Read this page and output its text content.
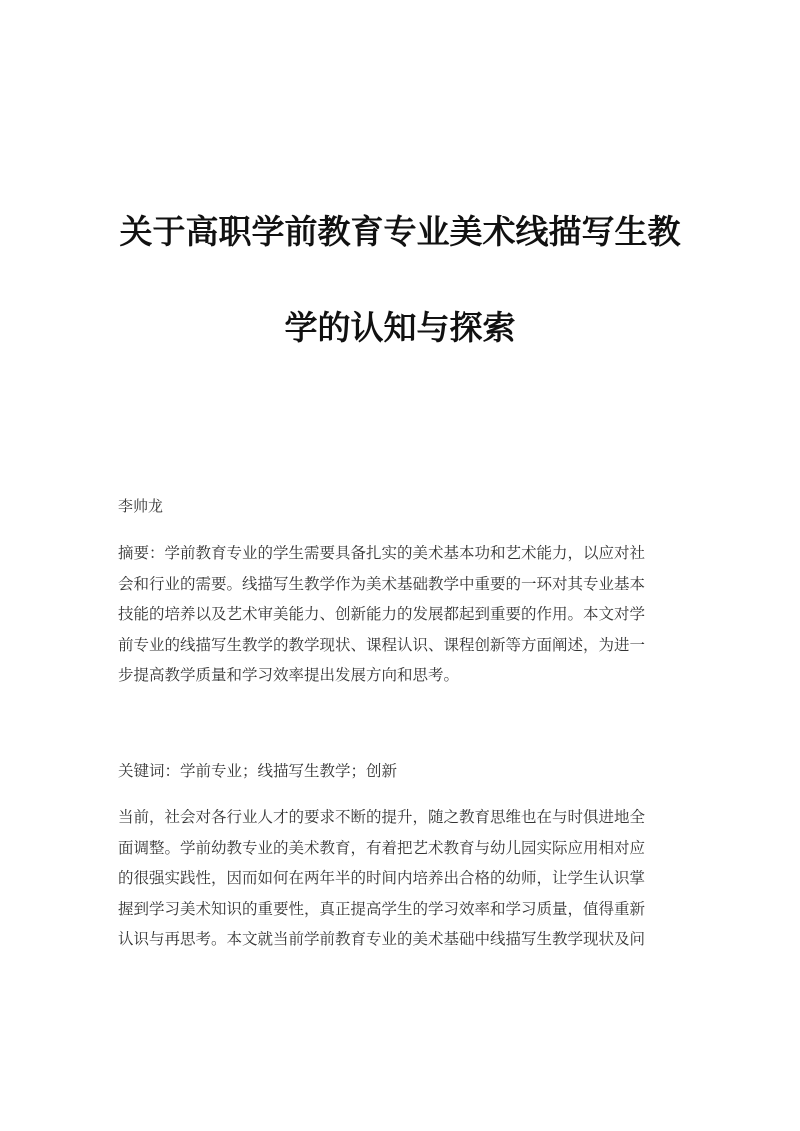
关于高职学前教育专业美术线描写生教
学的认知与探索

李帅龙

摘要：学前教育专业的学生需要具备扎实的美术基本功和艺术能力，以应对社
会和行业的需要。线描写生教学作为美术基础教学中重要的一环对其专业基本
技能的培养以及艺术审美能力、创新能力的发展都起到重要的作用。本文对学
前专业的线描写生教学的教学现状、课程认识、课程创新等方面阐述，为进一
步提高教学质量和学习效率提出发展方向和思考。

关键词：学前专业；线描写生教学；创新

当前，社会对各行业人才的要求不断的提升，随之教育思维也在与时俱进地全
面调整。学前幼教专业的美术教育，有着把艺术教育与幼儿园实际应用相对应
的很强实践性，因而如何在两年半的时间内培养出合格的幼师，让学生认识掌
握到学习美术知识的重要性，真正提高学生的学习效率和学习质量，值得重新
认识与再思考。本文就当前学前教育专业的美术基础中线描写生教学现状及问
